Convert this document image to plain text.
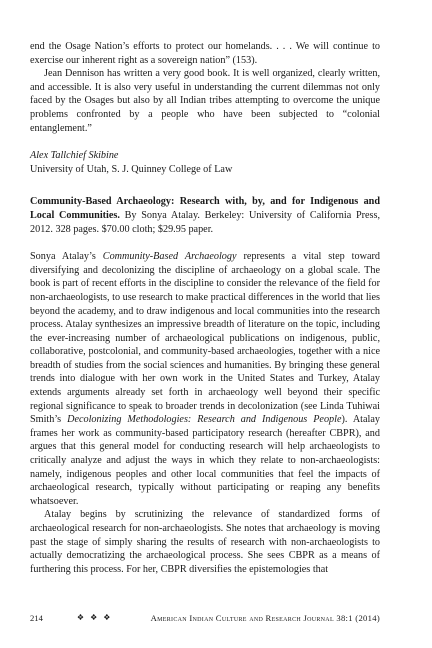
end the Osage Nation’s efforts to protect our homelands. . . . We will continue to exercise our inherent right as a sovereign nation” (153).

Jean Dennison has written a very good book. It is well organized, clearly written, and accessible. It is also very useful in understanding the current dilemmas not only faced by the Osages but also by all Indian tribes attempting to overcome the unique problems confronted by a people who have been subjected to “colonial entanglement.”

Alex Tallchief Skibine

University of Utah, S. J. Quinney College of Law

Community-Based Archaeology: Research with, by, and for Indigenous and Local Communities. By Sonya Atalay. Berkeley: University of California Press, 2012. 328 pages. $70.00 cloth; $29.95 paper.

Sonya Atalay’s Community-Based Archaeology represents a vital step toward diversifying and decolonizing the discipline of archaeology on a global scale. The book is part of recent efforts in the discipline to consider the relevance of the field for non-archaeologists, to use research to make practical differences in the world that lies beyond the academy, and to draw indigenous and local communities into the research process. Atalay synthesizes an impressive breadth of literature on the topic, including the ever-increasing number of archaeological publications on indigenous, public, collaborative, postcolonial, and community-based archaeologies, together with a nice breadth of studies from the social sciences and humanities. By bringing these general trends into dialogue with her own work in the United States and Turkey, Atalay extends arguments already set forth in archaeology well beyond their specific regional significance to speak to broader trends in decolonization (see Linda Tuhiwai Smith’s Decolonizing Methodologies: Research and Indigenous People). Atalay frames her work as community-based participatory research (hereafter CBPR), and argues that this general model for conducting research will help archaeologists to critically analyze and adjust the ways in which they relate to non-archaeologists: namely, indigenous peoples and other local communities that feel the impacts of archaeological research, typically without participating or reaping any benefits whatsoever.

Atalay begins by scrutinizing the relevance of standardized forms of archaeological research for non-archaeologists. She notes that archaeology is moving past the stage of simply sharing the results of research with non-archaeologists to actually democratizing the archaeological process. She sees CBPR as a means of furthering this process. For her, CBPR diversifies the epistemologies that

214	❖❖❖	American Indian Culture and Research Journal 38:1 (2014)
